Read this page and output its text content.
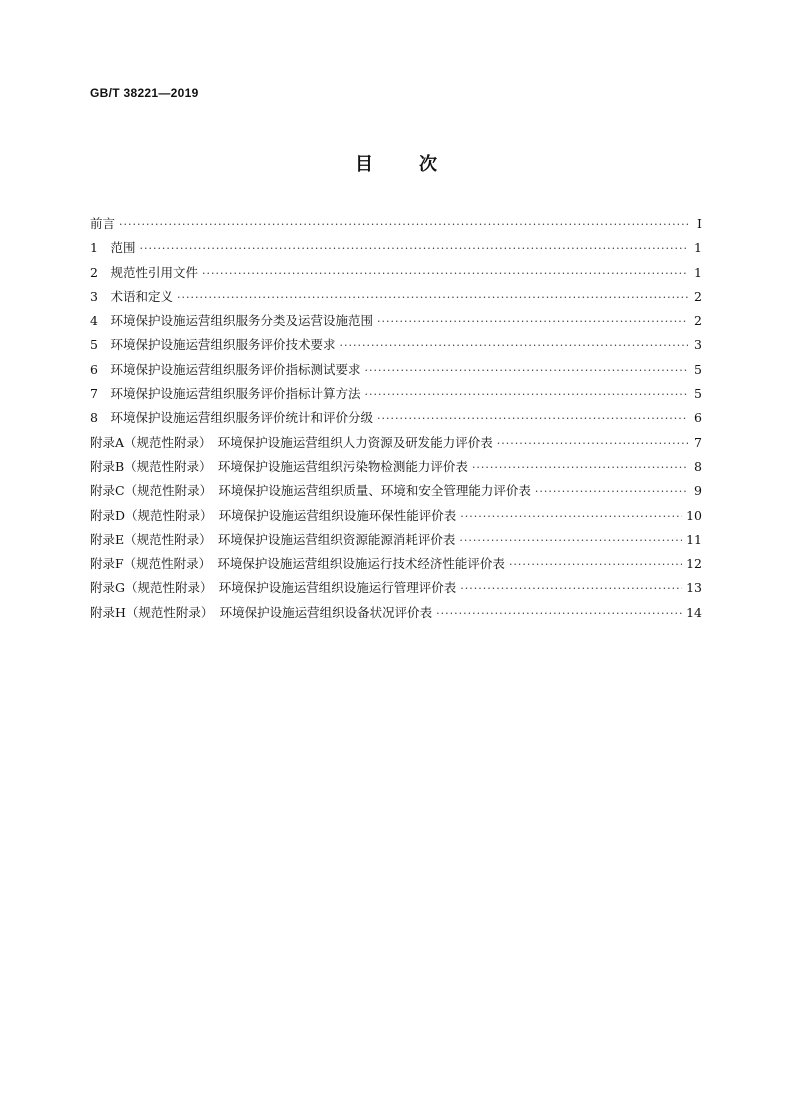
GB/T 38221—2019
目	次
前言 ·····	Ⅰ
1　范围 ·····	1
2　规范性引用文件 ·····	1
3　术语和定义 ·····	2
4　环境保护设施运营组织服务分类及运营设施范围 ·····	2
5　环境保护设施运营组织服务评价技术要求 ·····	3
6　环境保护设施运营组织服务评价指标测试要求 ·····	5
7　环境保护设施运营组织服务评价指标计算方法 ·····	5
8　环境保护设施运营组织服务评价统计和评价分级 ·····	6
附录A（规范性附录）　环境保护设施运营组织人力资源及研发能力评价表 ·····	7
附录B（规范性附录）　环境保护设施运营组织污染物检测能力评价表 ·····	8
附录C（规范性附录）　环境保护设施运营组织质量、环境和安全管理能力评价表 ·····	9
附录D（规范性附录）　环境保护设施运营组织设施环保性能评价表 ·····	10
附录E（规范性附录）　环境保护设施运营组织资源能源消耗评价表 ·····	11
附录F（规范性附录）　环境保护设施运营组织设施运行技术经济性能评价表 ·····	12
附录G（规范性附录）　环境保护设施运营组织设施运行管理评价表 ·····	13
附录H（规范性附录）　环境保护设施运营组织设备状况评价表 ·····	14
